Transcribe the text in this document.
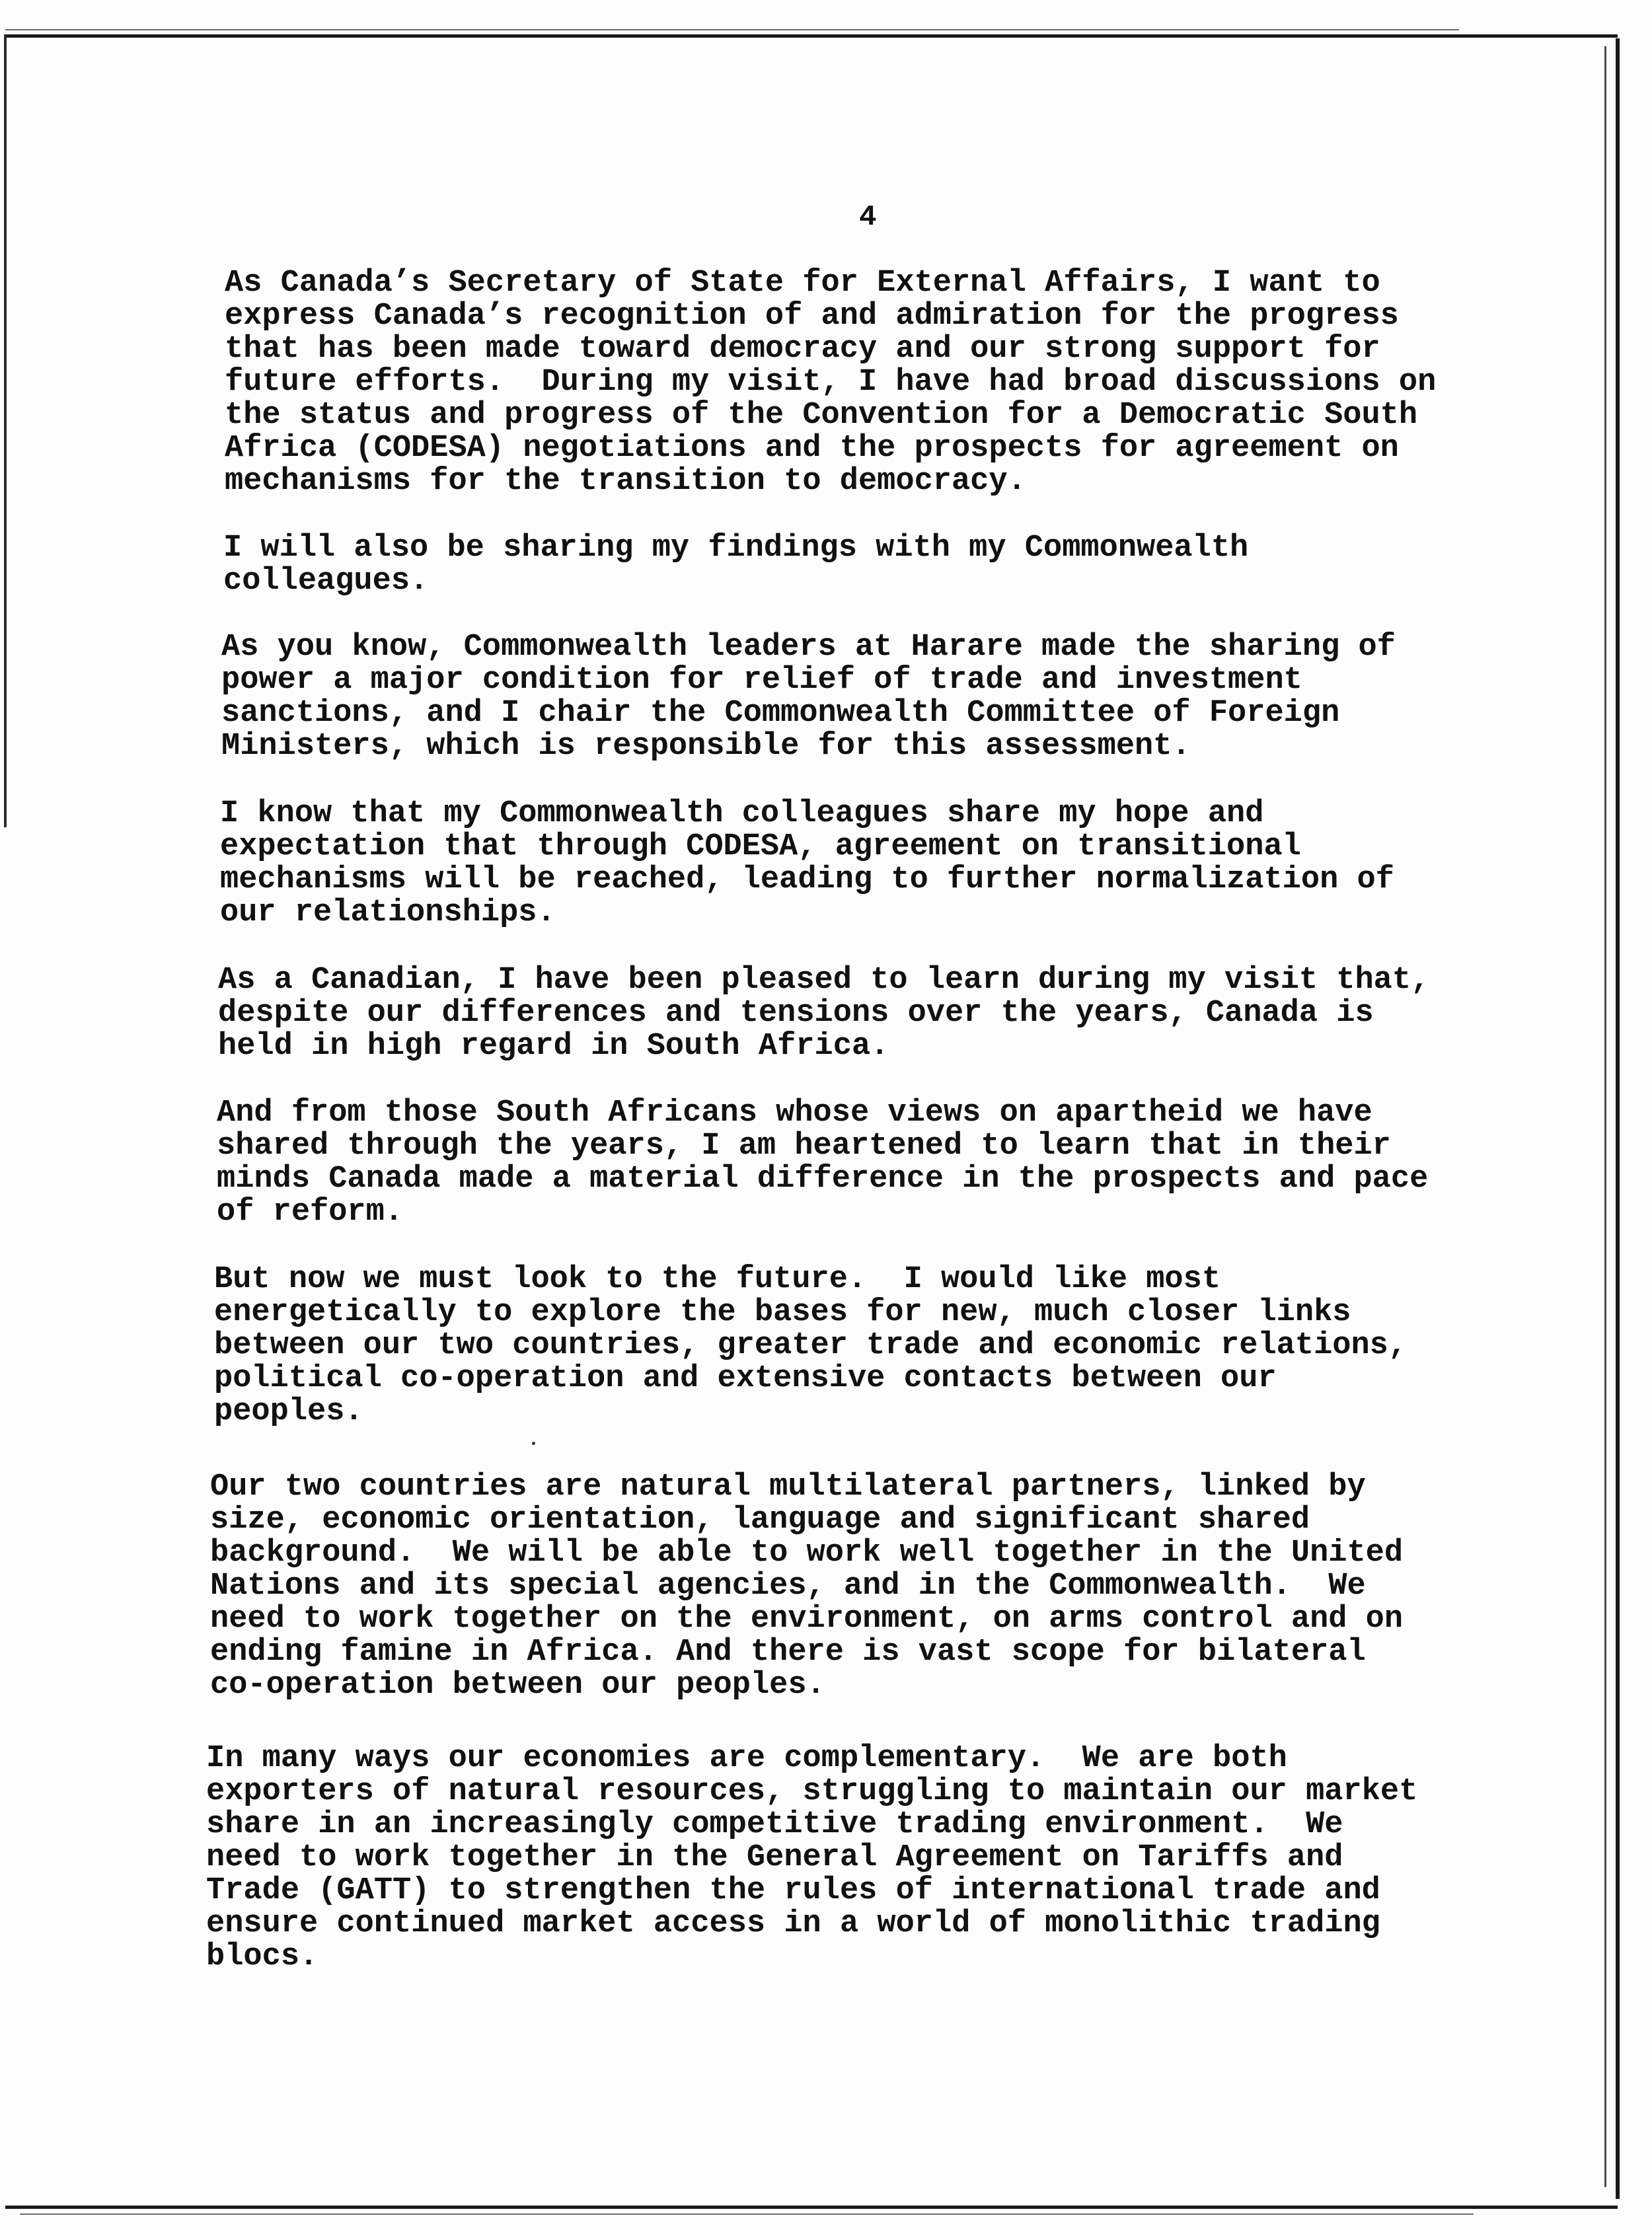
4
As Canada’s Secretary of State for External Affairs, I want to
express Canada’s recognition of and admiration for the progress
that has been made toward democracy and our strong support for
future efforts.  During my visit, I have had broad discussions on
the status and progress of the Convention for a Democratic South
Africa (CODESA) negotiations and the prospects for agreement on
mechanisms for the transition to democracy.
I will also be sharing my findings with my Commonwealth
colleagues.
As you know, Commonwealth leaders at Harare made the sharing of
power a major condition for relief of trade and investment
sanctions, and I chair the Commonwealth Committee of Foreign
Ministers, which is responsible for this assessment.
I know that my Commonwealth colleagues share my hope and
expectation that through CODESA, agreement on transitional
mechanisms will be reached, leading to further normalization of
our relationships.
As a Canadian, I have been pleased to learn during my visit that,
despite our differences and tensions over the years, Canada is
held in high regard in South Africa.
And from those South Africans whose views on apartheid we have
shared through the years, I am heartened to learn that in their
minds Canada made a material difference in the prospects and pace
of reform.
But now we must look to the future.  I would like most
energetically to explore the bases for new, much closer links
between our two countries, greater trade and economic relations,
political co-operation and extensive contacts between our
peoples.
Our two countries are natural multilateral partners, linked by
size, economic orientation, language and significant shared
background.  We will be able to work well together in the United
Nations and its special agencies, and in the Commonwealth.  We
need to work together on the environment, on arms control and on
ending famine in Africa. And there is vast scope for bilateral
co-operation between our peoples.
In many ways our economies are complementary.  We are both
exporters of natural resources, struggling to maintain our market
share in an increasingly competitive trading environment.  We
need to work together in the General Agreement on Tariffs and
Trade (GATT) to strengthen the rules of international trade and
ensure continued market access in a world of monolithic trading
blocs.
